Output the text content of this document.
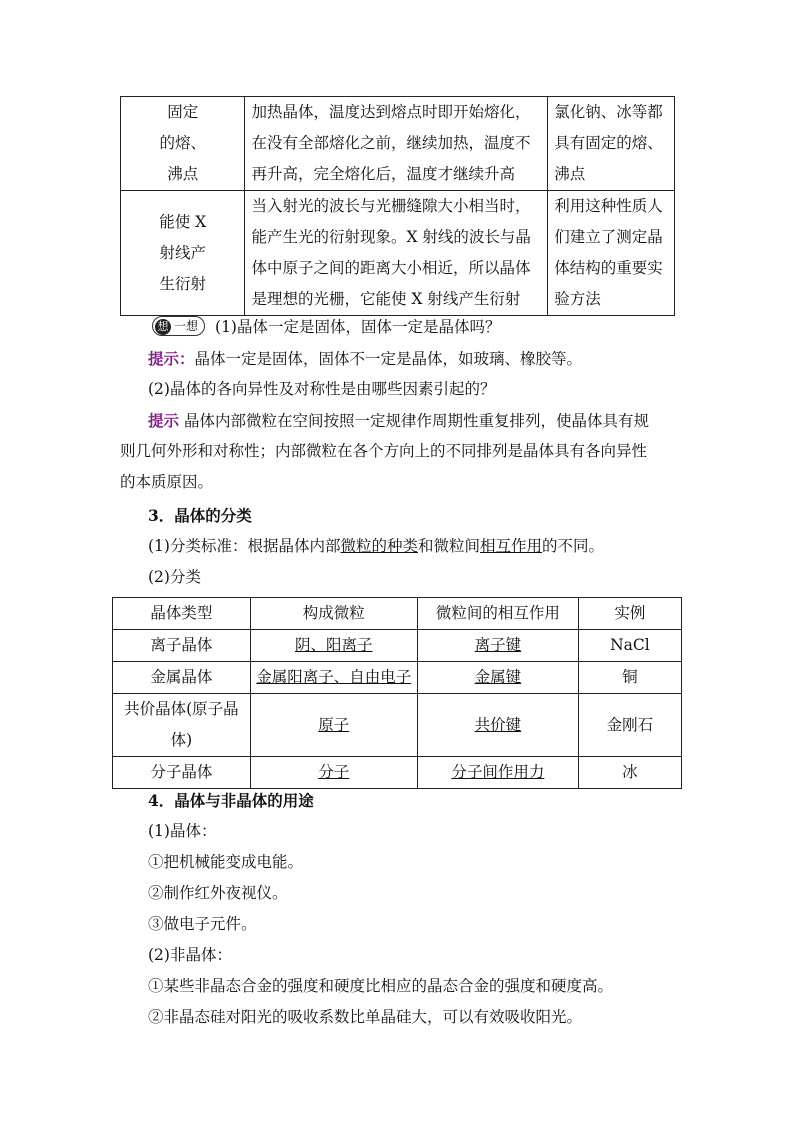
固定
的熔、
沸点	加热晶体，温度达到熔点时即开始熔化，
在没有全部熔化之前，继续加热，温度不
再升高，完全熔化后，温度才继续升高	氯化钠、冰等都
具有固定的熔、
沸点

能使 X
射线产
生衍射	当入射光的波长与光栅缝隙大小相当时，
能产生光的衍射现象。X 射线的波长与晶
体中原子之间的距离大小相近，所以晶体
是理想的光栅，它能使 X 射线产生衍射	利用这种性质人
们建立了测定晶
体结构的重要实
验方法
想 一想 (1)晶体一定是固体，固体一定是晶体吗？
提示：晶体一定是固体，固体不一定是晶体，如玻璃、橡胶等。
(2)晶体的各向异性及对称性是由哪些因素引起的？
提示 晶体内部微粒在空间按照一定规律作周期性重复排列，使晶体具有规
则几何外形和对称性；内部微粒在各个方向上的不同排列是晶体具有各向异性
的本质原因。
3．晶体的分类
(1)分类标准：根据晶体内部微粒的种类和微粒间相互作用的不同。
(2)分类
晶体类型	构成微粒	微粒间的相互作用	实例
离子晶体	阴、阳离子	离子键	NaCl
金属晶体	金属阳离子、自由电子	金属键	铜

共价晶体(原子晶
体)	原子	共价键	金刚石
分子晶体	分子	分子间作用力	冰
4．晶体与非晶体的用途
(1)晶体：
①把机械能变成电能。
②制作红外夜视仪。
③做电子元件。
(2)非晶体：
①某些非晶态合金的强度和硬度比相应的晶态合金的强度和硬度高。
②非晶态硅对阳光的吸收系数比单晶硅大，可以有效吸收阳光。
